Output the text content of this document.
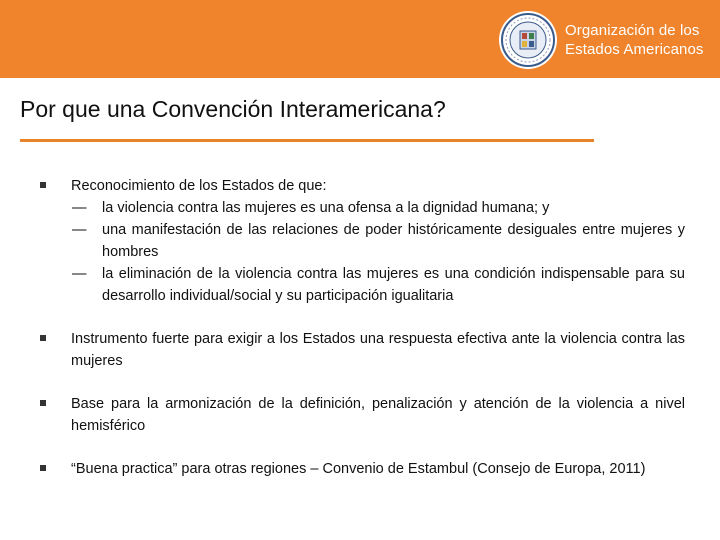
Organización de los
Estados Americanos
Por que una Convención Interamericana?
Reconocimiento de los Estados de que:
— la violencia contra las mujeres es una ofensa a la dignidad humana; y
— una manifestación de las relaciones de poder históricamente desiguales entre mujeres y hombres
— la eliminación de la violencia contra las mujeres es una condición indispensable para su desarrollo individual/social y su participación igualitaria
Instrumento fuerte para exigir a los Estados una respuesta efectiva ante la violencia contra las mujeres
Base para la armonización de la definición, penalización y atención de la violencia a nivel hemisférico
“Buena practica” para otras regiones – Convenio de Estambul (Consejo de Europa, 2011)
